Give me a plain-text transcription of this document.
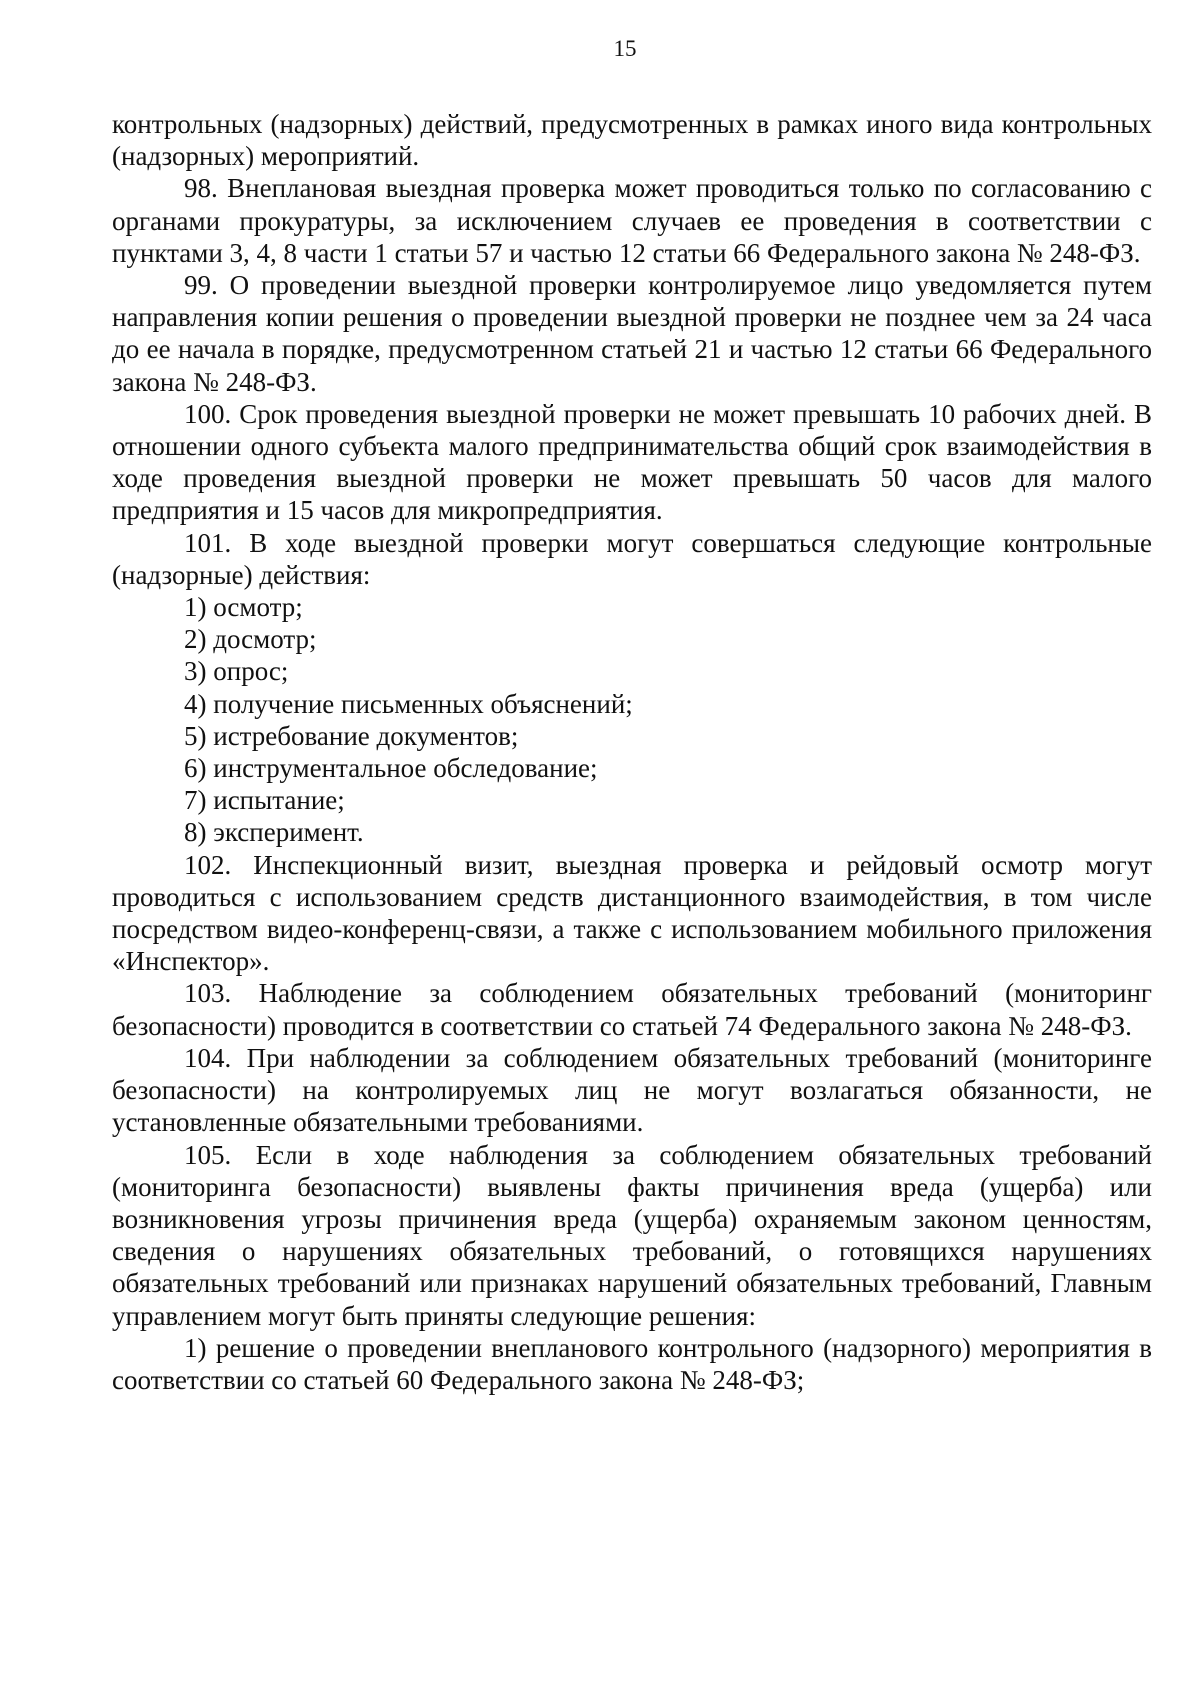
15

контрольных (надзорных) действий, предусмотренных в рамках иного вида контрольных (надзорных) мероприятий.

98. Внеплановая выездная проверка может проводиться только по согласованию с органами прокуратуры, за исключением случаев ее проведения в соответствии с пунктами 3, 4, 8 части 1 статьи 57 и частью 12 статьи 66 Федерального закона № 248-ФЗ.

99. О проведении выездной проверки контролируемое лицо уведомляется путем направления копии решения о проведении выездной проверки не позднее чем за 24 часа до ее начала в порядке, предусмотренном статьей 21 и частью 12 статьи 66 Федерального закона № 248-ФЗ.

100. Срок проведения выездной проверки не может превышать 10 рабочих дней. В отношении одного субъекта малого предпринимательства общий срок взаимодействия в ходе проведения выездной проверки не может превышать 50 часов для малого предприятия и 15 часов для микропредприятия.

101. В ходе выездной проверки могут совершаться следующие контрольные (надзорные) действия:

1) осмотр;

2) досмотр;

3) опрос;

4) получение письменных объяснений;

5) истребование документов;

6) инструментальное обследование;

7) испытание;

8) эксперимент.

102. Инспекционный визит, выездная проверка и рейдовый осмотр могут проводиться с использованием средств дистанционного взаимодействия, в том числе посредством видео-конференц-связи, а также с использованием мобильного приложения «Инспектор».

103. Наблюдение за соблюдением обязательных требований (мониторинг безопасности) проводится в соответствии со статьей 74 Федерального закона № 248-ФЗ.

104. При наблюдении за соблюдением обязательных требований (мониторинге безопасности) на контролируемых лиц не могут возлагаться обязанности, не установленные обязательными требованиями.

105. Если в ходе наблюдения за соблюдением обязательных требований (мониторинга безопасности) выявлены факты причинения вреда (ущерба) или возникновения угрозы причинения вреда (ущерба) охраняемым законом ценностям, сведения о нарушениях обязательных требований, о готовящихся нарушениях обязательных требований или признаках нарушений обязательных требований, Главным управлением могут быть приняты следующие решения:

1) решение о проведении внепланового контрольного (надзорного) мероприятия в соответствии со статьей 60 Федерального закона № 248-ФЗ;
